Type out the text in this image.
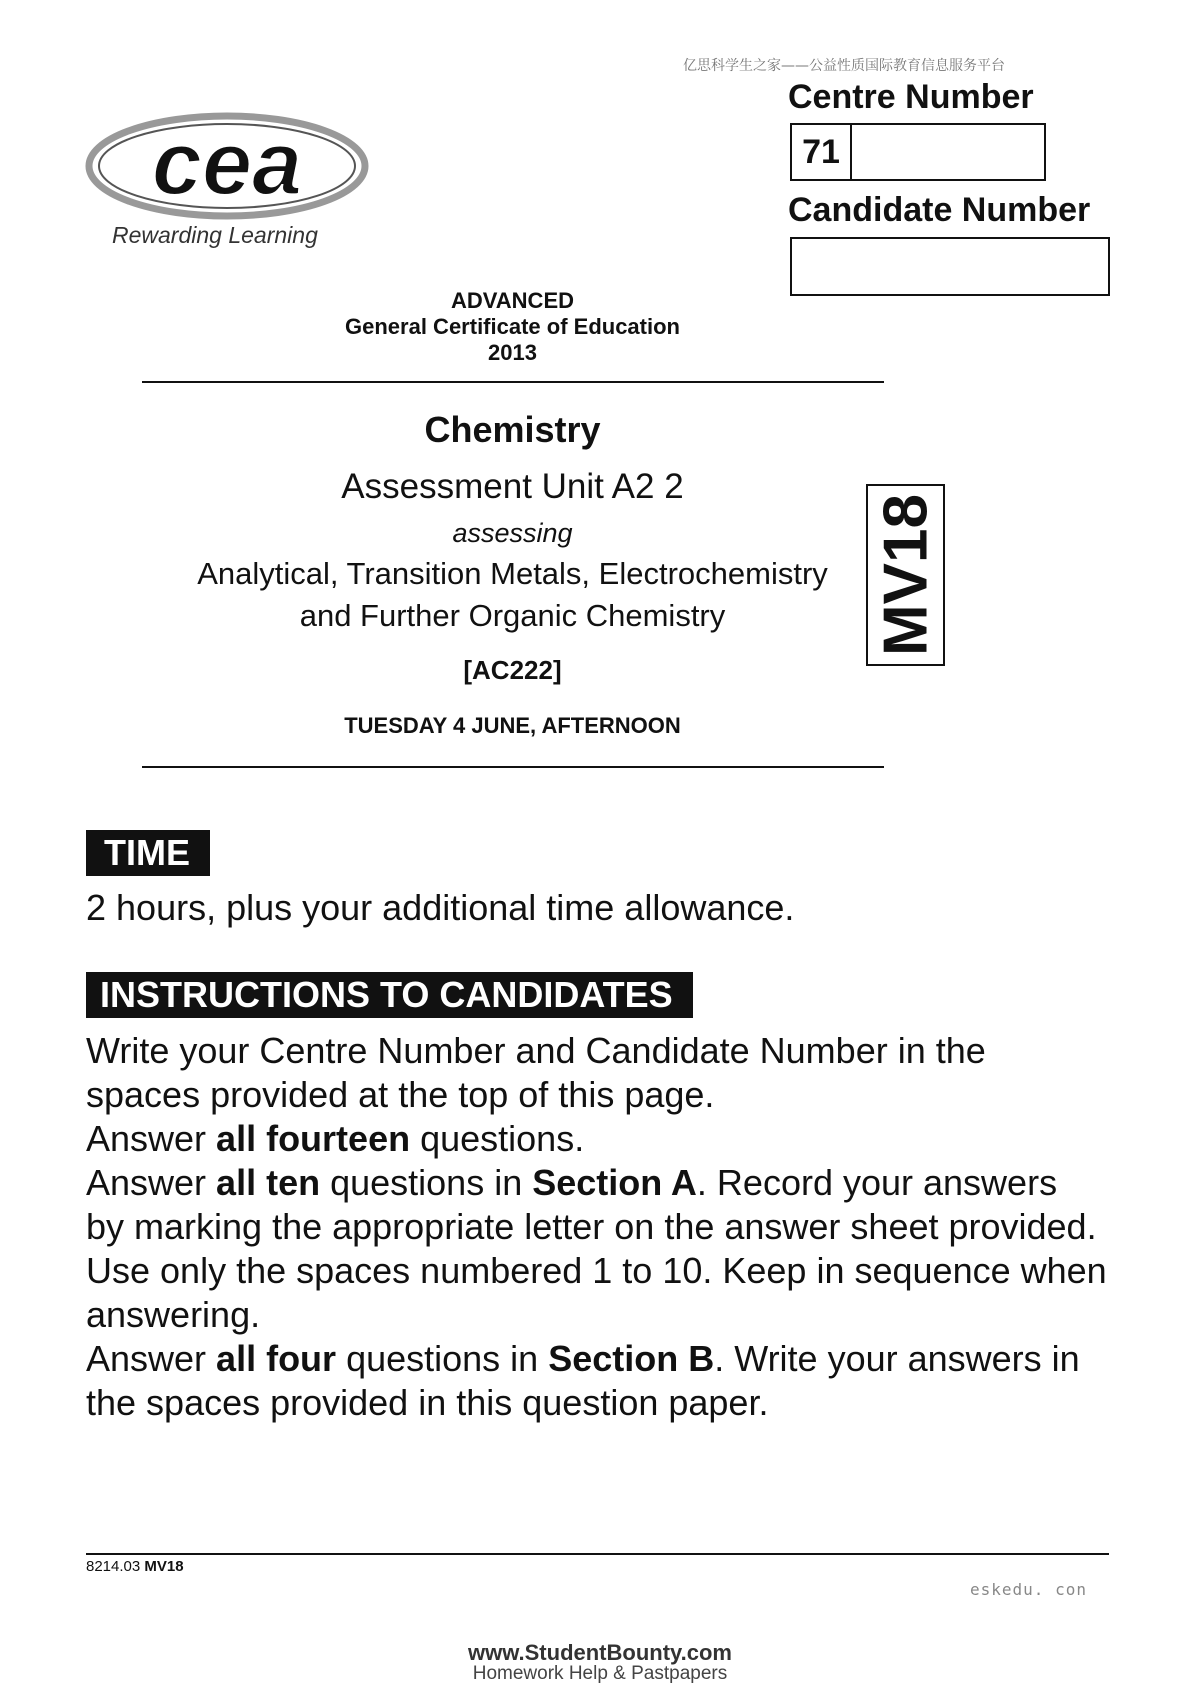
亿思科学生之家——公益性质国际教育信息服务平台
cea
Rewarding Learning
Centre Number
71
Candidate Number
ADVANCED
General Certificate of Education
2013
Chemistry
Assessment Unit A2 2
assessing
Analytical, Transition Metals, Electrochemistry
and Further Organic Chemistry
[AC222]
TUESDAY 4 JUNE, AFTERNOON
MV18
TIME
2 hours, plus your additional time allowance.
INSTRUCTIONS TO CANDIDATES
Write your Centre Number and Candidate Number in the
spaces provided at the top of this page.
Answer all fourteen questions.
Answer all ten questions in Section A. Record your answers
by marking the appropriate letter on the answer sheet provided.
Use only the spaces numbered 1 to 10. Keep in sequence when
answering.
Answer all four questions in Section B. Write your answers in
the spaces provided in this question paper.
8214.03 MV18
eskedu. con
www.StudentBounty.com
Homework Help & Pastpapers
